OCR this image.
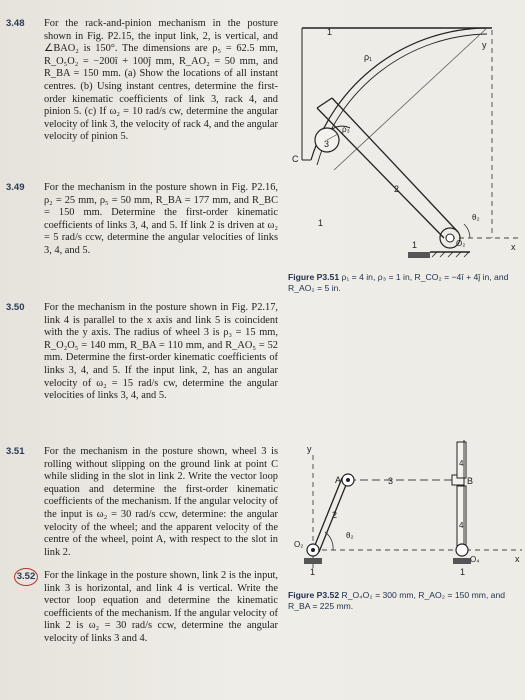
3.48	For the rack-and-pinion mechanism in the posture shown in Fig. P2.15, the input link, 2, is vertical, and ∠BAO₂ is 150°. The dimensions are ρ₅ = 62.5 mm, R_O₅O₂ = −200î + 100ĵ mm, R_AO₂ = 50 mm, and R_BA = 150 mm. (a) Show the locations of all instant centres. (b) Using instant centres, determine the first-order kinematic coefficients of link 3, rack 4, and pinion 5. (c) If ω₂ = 10 rad/s cw, determine the angular velocity of link 3, the velocity of rack 4, and the angular velocity of pinion 5.
3.49	For the mechanism in the posture shown in Fig. P2.16, ρ₂ = 25 mm, ρ₅ = 50 mm, R_BA = 177 mm, and R_BC = 150 mm. Determine the first-order kinematic coefficients of links 3, 4, and 5. If link 2 is driven at ω₂ = 5 rad/s ccw, determine the angular velocities of links 3, 4, and 5.
3.50	For the mechanism in the posture shown in Fig. P2.17, link 4 is parallel to the x axis and link 5 is coincident with the y axis. The radius of wheel 3 is ρ₃ = 15 mm, R_O₂O₅ = 140 mm, R_BA = 110 mm, and R_AO₅ = 52 mm. Determine the first-order kinematic coefficients of links 3, 4, and 5. If the input link, 2, has an angular velocity of ω₂ = 15 rad/s cw, determine the angular velocities of links 3, 4, and 5.
3.51	For the mechanism in the posture shown, wheel 3 is rolling without slipping on the ground link at point C while sliding in the slot in link 2. Write the vector loop equation and determine the first-order kinematic coefficients of the mechanism. If the angular velocity of the input is ω₂ = 30 rad/s ccw, determine: the angular velocity of the wheel; and the apparent velocity of the centre of the wheel, point A, with respect to the slot in link 2.
3.52 For the linkage in the posture shown, link 2 is the input, link 3 is horizontal, and link 4 is vertical. Write the vector loop equation and determine the kinematic coefficients of the mechanism. If the angular velocity of link 2 is ω₂ = 30 rad/s ccw, determine the angular velocity of links 3 and 4.
1
ρ₁
ρ₃
C
3
2
1
1
θ₂
O₂	x
y
Figure P3.51 ρ₁ = 4 in, ρ₃ = 1 in, R_CO₂ = −4î + 4ĵ in, and R_AO₂ = 5 in.
y
A	3	B
4
4
2
θ₂
O₂
O₄
1	1
x
Figure P3.52 R_O₄O₂ = 300 mm, R_AO₂ = 150 mm, and R_BA = 225 mm.
